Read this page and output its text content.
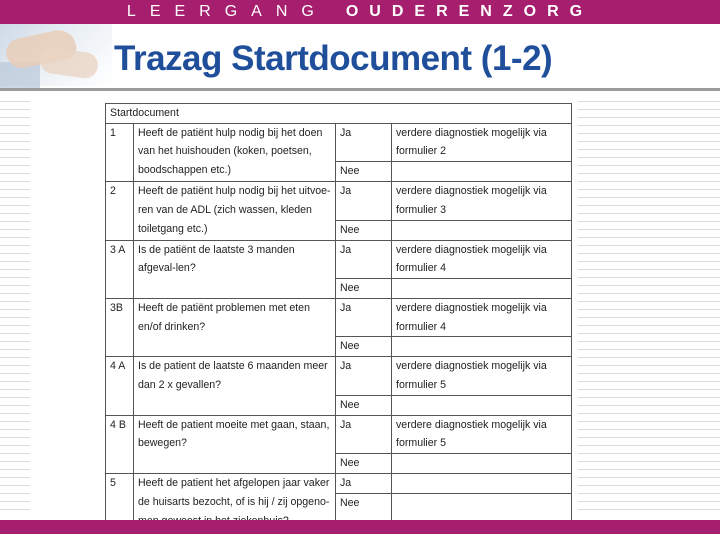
LEERGANG OUDERENZORG
Trazag Startdocument (1-2)
Startdocument			
1	Heeft de patiënt hulp nodig bij het doen van het huishouden (koken, poetsen, boodschappen etc.)	Ja	verdere diagnostiek mogelijk via formulier 2
		Nee	
2	Heeft de patiënt hulp nodig bij het uitvoe-ren van de ADL (zich wassen, kleden toiletgang etc.)	Ja	verdere diagnostiek mogelijk via formulier 3
		Nee	
3 A	Is de patiënt de laatste 3 manden afgeval-len?	Ja	verdere diagnostiek mogelijk via formulier 4
		Nee	
3B	Heeft de patiënt problemen met eten en/of drinken?	Ja	verdere diagnostiek mogelijk via formulier 4
		Nee	
4 A	Is de patient de laatste 6 maanden meer dan 2 x gevallen?	Ja	verdere diagnostiek mogelijk via formulier 5
		Nee	
4 B	Heeft de patient moeite met gaan, staan, bewegen?	Ja	verdere diagnostiek mogelijk via formulier 5
		Nee	
5	Heeft de patient het afgelopen jaar vaker de huisarts bezocht, of is hij / zij opgeno-	Ja	
		Nee	
